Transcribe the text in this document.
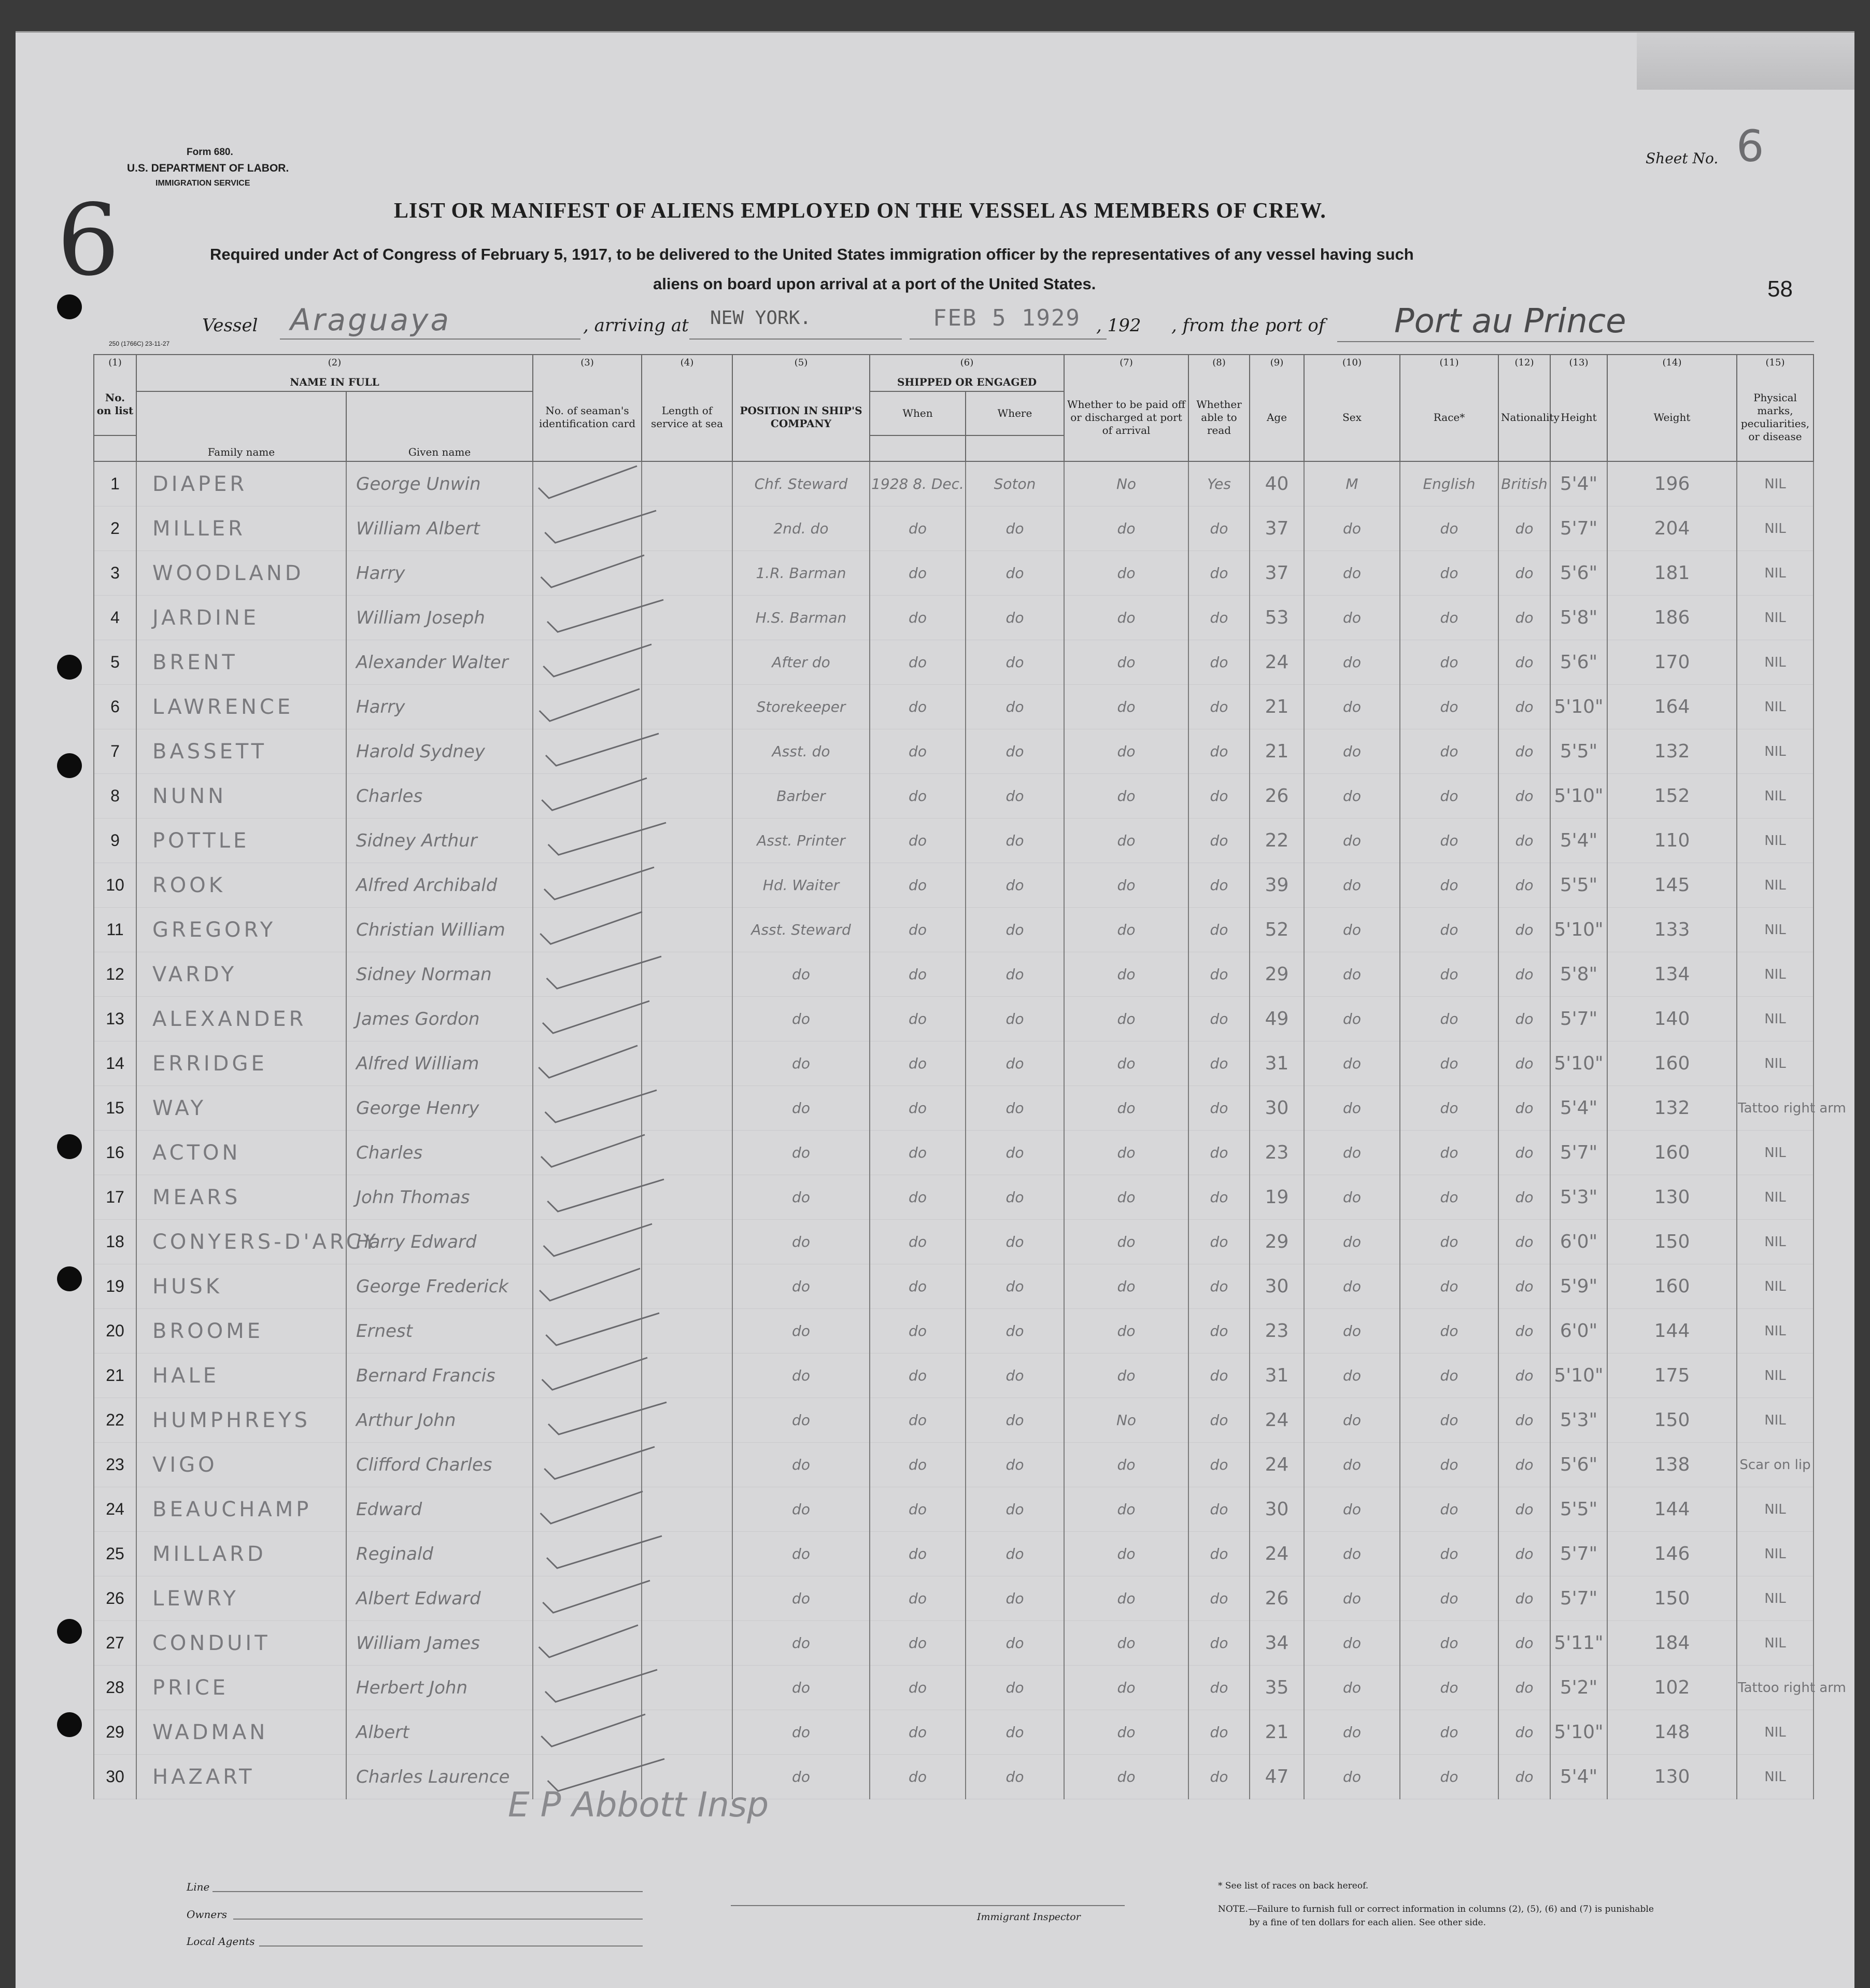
6
Form 680.
U.S. DEPARTMENT OF LABOR.
IMMIGRATION SERVICE
250 (1766C) 23-11-27
Sheet No. 6
58
LIST OR MANIFEST OF ALIENS EMPLOYED ON THE VESSEL AS MEMBERS OF CREW.
Required under Act of Congress of February 5, 1917, to be delivered to the United States immigration officer by the representatives of any vessel having such
aliens on board upon arrival at a port of the United States.
Vessel Araguaya	, arriving at NEW YORK.	FEB 5 1929 , 192 , from the port of Port au Prince
(1)	(2)		(3)	(4)	(5)	(6)		(7)	(8)	(9)	(10)	(11)	(12)	(13)	(14)	(15)
No. on list	NAME IN FULL		No. of seaman's identification card	Length of service at sea	POSITION IN SHIP'S COMPANY	SHIPPED OR ENGAGED		Whether to be paid off or discharged at port of arrival	Whether able to read	Age	Sex	Race*	Nationality	Height	Weight	Physical marks, peculiarities, or disease
	Family name	Given name				When	Where									

1	DIAPER	George Unwin			Chf. Steward	1928 8. Dec.	Soton	No	Yes	40	M	English	British	5'4"	196	NIL
2	MILLER	William Albert			2nd. do	do	do	do	do	37	do	do	do	5'7"	204	NIL
3	WOODLAND	Harry			1.R. Barman	do	do	do	do	37	do	do	do	5'6"	181	NIL
4	JARDINE	William Joseph			H.S. Barman	do	do	do	do	53	do	do	do	5'8"	186	NIL
5	BRENT	Alexander Walter			After do	do	do	do	do	24	do	do	do	5'6"	170	NIL
6	LAWRENCE	Harry			Storekeeper	do	do	do	do	21	do	do	do	5'10"	164	NIL
7	BASSETT	Harold Sydney			Asst. do	do	do	do	do	21	do	do	do	5'5"	132	NIL
8	NUNN	Charles			Barber	do	do	do	do	26	do	do	do	5'10"	152	NIL
9	POTTLE	Sidney Arthur			Asst. Printer	do	do	do	do	22	do	do	do	5'4"	110	NIL
10	ROOK	Alfred Archibald			Hd. Waiter	do	do	do	do	39	do	do	do	5'5"	145	NIL
11	GREGORY	Christian William			Asst. Steward	do	do	do	do	52	do	do	do	5'10"	133	NIL
12	VARDY	Sidney Norman			do	do	do	do	do	29	do	do	do	5'8"	134	NIL
13	ALEXANDER	James Gordon			do	do	do	do	do	49	do	do	do	5'7"	140	NIL
14	ERRIDGE	Alfred William			do	do	do	do	do	31	do	do	do	5'10"	160	NIL
15	WAY	George Henry			do	do	do	do	do	30	do	do	do	5'4"	132	Tattoo right arm
16	ACTON	Charles			do	do	do	do	do	23	do	do	do	5'7"	160	NIL
17	MEARS	John Thomas			do	do	do	do	do	19	do	do	do	5'3"	130	NIL
18	CONYERS-D'ARCY	Harry Edward			do	do	do	do	do	29	do	do	do	6'0"	150	NIL
19	HUSK	George Frederick			do	do	do	do	do	30	do	do	do	5'9"	160	NIL
20	BROOME	Ernest			do	do	do	do	do	23	do	do	do	6'0"	144	NIL
21	HALE	Bernard Francis			do	do	do	do	do	31	do	do	do	5'10"	175	NIL
22	HUMPHREYS	Arthur John			do	do	do	No	do	24	do	do	do	5'3"	150	NIL
23	VIGO	Clifford Charles			do	do	do	do	do	24	do	do	do	5'6"	138	Scar on lip
24	BEAUCHAMP	Edward			do	do	do	do	do	30	do	do	do	5'5"	144	NIL
25	MILLARD	Reginald			do	do	do	do	do	24	do	do	do	5'7"	146	NIL
26	LEWRY	Albert Edward			do	do	do	do	do	26	do	do	do	5'7"	150	NIL
27	CONDUIT	William James			do	do	do	do	do	34	do	do	do	5'11"	184	NIL
28	PRICE	Herbert John			do	do	do	do	do	35	do	do	do	5'2"	102	Tattoo right arm
29	WADMAN	Albert			do	do	do	do	do	21	do	do	do	5'10"	148	NIL
30	HAZART	Charles Laurence			do	do	do	do	do	47	do	do	do	5'4"	130	NIL
E P Abbott Insp
Line
Owners
Local Agents
Immigrant Inspector
* See list of races on back hereof.
NOTE.—Failure to furnish full or correct information in columns (2), (5), (6) and (7) is punishable
by a fine of ten dollars for each alien. See other side.
